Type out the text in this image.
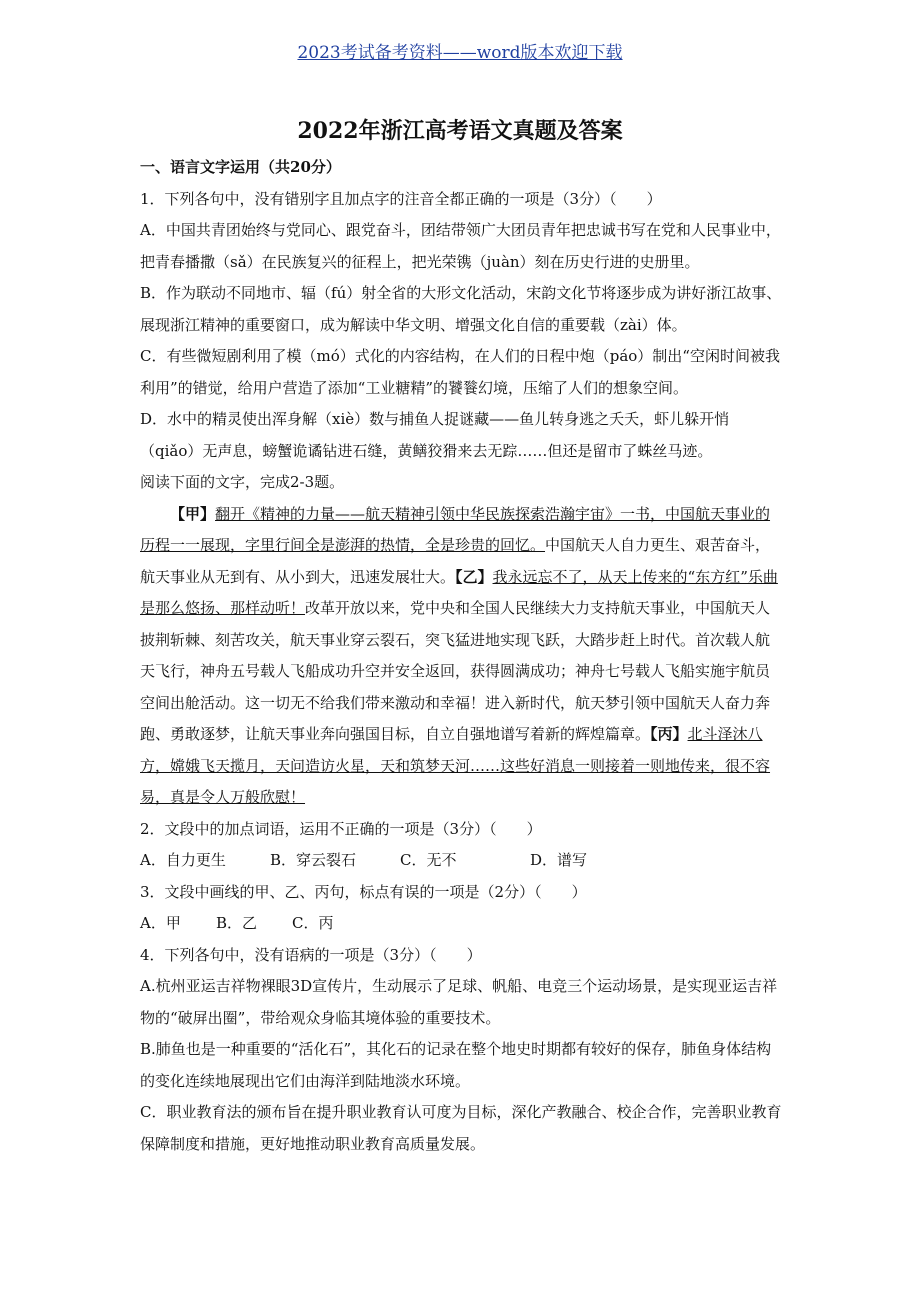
2023考试备考资料——word版本欢迎下载
2022年浙江高考语文真题及答案

一、语言文字运用（共20分）

1．下列各句中，没有错别字且加点字的注音全都正确的一项是（3分）（　　）

A．中国共青团始终与党同心、跟党奋斗，团结带领广大团员青年把忠诚书写在党和人民事业中，把青春播撒（sǎ）在民族复兴的征程上，把光荣镌（juàn）刻在历史行进的史册里。

B．作为联动不同地市、辐（fú）射全省的大形文化活动，宋韵文化节将逐步成为讲好浙江故事、展现浙江精神的重要窗口，成为解读中华文明、增强文化自信的重要载（zài）体。

C．有些微短剧利用了模（mó）式化的内容结构，在人们的日程中炮（páo）制出“空闲时间被我利用”的错觉，给用户营造了添加“工业糖精”的饕餮幻境，压缩了人们的想象空间。

D．水中的精灵使出浑身解（xiè）数与捕鱼人捉谜藏——鱼儿转身逃之夭夭，虾儿躲开悄（qiǎo）无声息，螃蟹诡谲钻进石缝，黄鳝狡猾来去无踪……但还是留市了蛛丝马迹。

阅读下面的文字，完成2-3题。

【甲】翻开《精神的力量——航天精神引领中华民族探索浩瀚宇宙》一书，中国航天事业的历程一一展现，字里行间全是澎湃的热情，全是珍贵的回忆。中国航天人自力更生、艰苦奋斗，航天事业从无到有、从小到大，迅速发展壮大。【乙】我永远忘不了，从天上传来的“东方红”乐曲是那么悠扬、那样动听！改革开放以来，党中央和全国人民继续大力支持航天事业，中国航天人披荆斩棘、刻苦攻关，航天事业穿云裂石，突飞猛进地实现飞跃，大踏步赶上时代。首次载人航天飞行，神舟五号载人飞船成功升空并安全返回，获得圆满成功；神舟七号载人飞船实施宇航员空间出舱活动。这一切无不给我们带来激动和幸福！进入新时代，航天梦引领中国航天人奋力奔跑、勇敢逐梦，让航天事业奔向强国目标，自立自强地谱写着新的辉煌篇章。【丙】北斗泽沐八方，嫦娥飞天揽月，天问造访火星，天和筑梦天河……这些好消息一则接着一则地传来，很不容易，真是令人万般欣慰！

2．文段中的加点词语，运用不正确的一项是（3分）（　　）

A．自力更生	B．穿云裂石	C．无不	D．谱写

3．文段中画线的甲、乙、丙句，标点有误的一项是（2分）（　　）

A．甲 B．乙 C．丙

4．下列各句中，没有语病的一项是（3分）（　　）

A.杭州亚运吉祥物裸眼3D宣传片，生动展示了足球、帆船、电竞三个运动场景，是实现亚运吉祥物的“破屏出圈”，带给观众身临其境体验的重要技术。

B.肺鱼也是一种重要的“活化石”，其化石的记录在整个地史时期都有较好的保存，肺鱼身体结构的变化连续地展现出它们由海洋到陆地淡水环境。

C．职业教育法的颁布旨在提升职业教育认可度为目标，深化产教融合、校企合作，完善职业教育保障制度和措施，更好地推动职业教育高质量发展。
